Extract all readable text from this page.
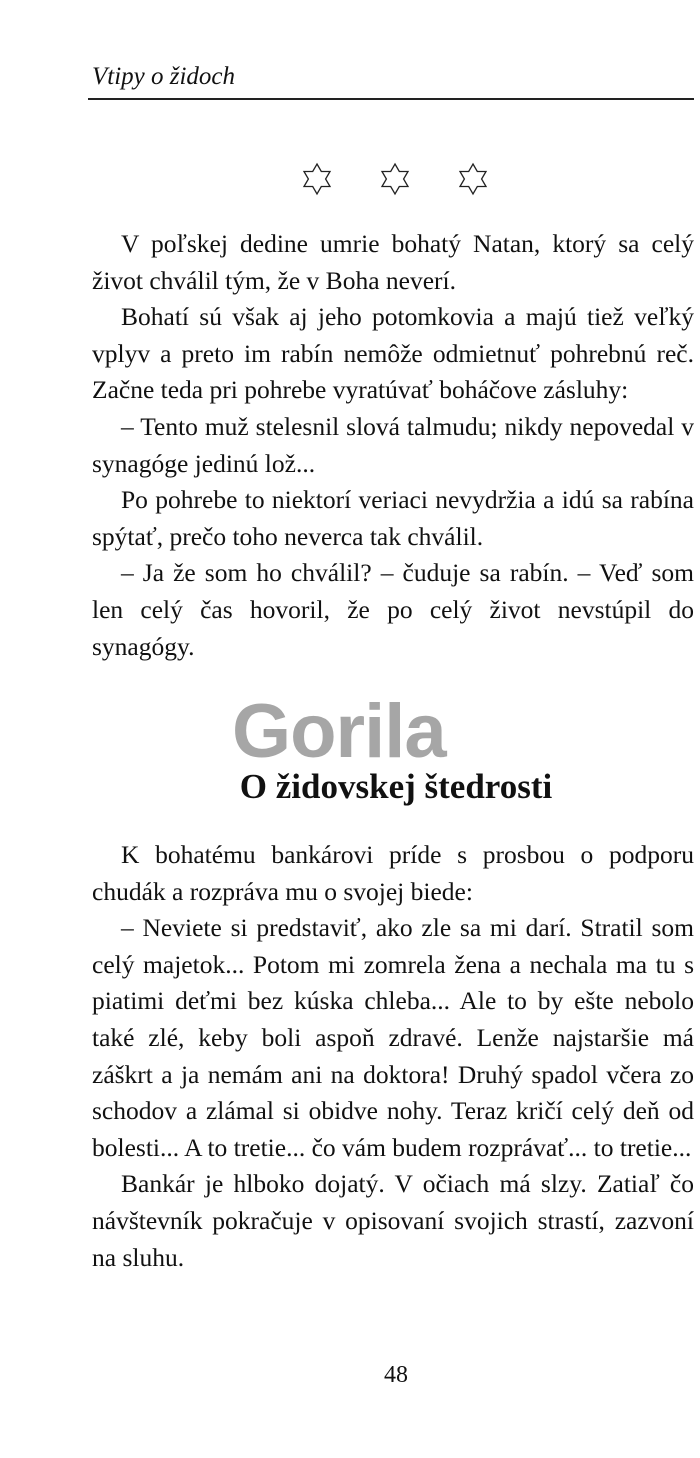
Vtipy o židoch

V poľskej dedine umrie bohatý Natan, ktorý sa celý život chválil tým, že v Boha neverí.

Bohatí sú však aj jeho potomkovia a majú tiež veľký vplyv a preto im rabín nemôže odmietnuť pohrebnú reč. Začne teda pri pohrebe vyratúvať boháčove zásluhy:

– Tento muž stelesnil slová talmudu; nikdy nepovedal v synagóge jedinú lož...

Po pohrebe to niektorí veriaci nevydržia a idú sa rabína spýtať, prečo toho neverca tak chválil.

– Ja že som ho chválil? – čuduje sa rabín. – Veď som len celý čas hovoril, že po celý život nevstúpil do synagógy.

Gorila
O židovskej štedrosti

K bohatému bankárovi príde s prosbou o podporu chudák a rozpráva mu o svojej biede:

– Neviete si predstaviť, ako zle sa mi darí. Stratil som celý majetok... Potom mi zomrela žena a nechala ma tu s piatimi deťmi bez kúska chleba... Ale to by ešte nebolo také zlé, keby boli aspoň zdravé. Lenže najstaršie má záškrt a ja nemám ani na doktora! Druhý spadol včera zo schodov a zlámal si obidve nohy. Teraz kričí celý deň od bolesti... A to tretie... čo vám budem rozprávať... to tretie...

Bankár je hlboko dojatý. V očiach má slzy. Zatiaľ čo návštevník pokračuje v opisovaní svojich strastí, zazvoní na sluhu.

48
